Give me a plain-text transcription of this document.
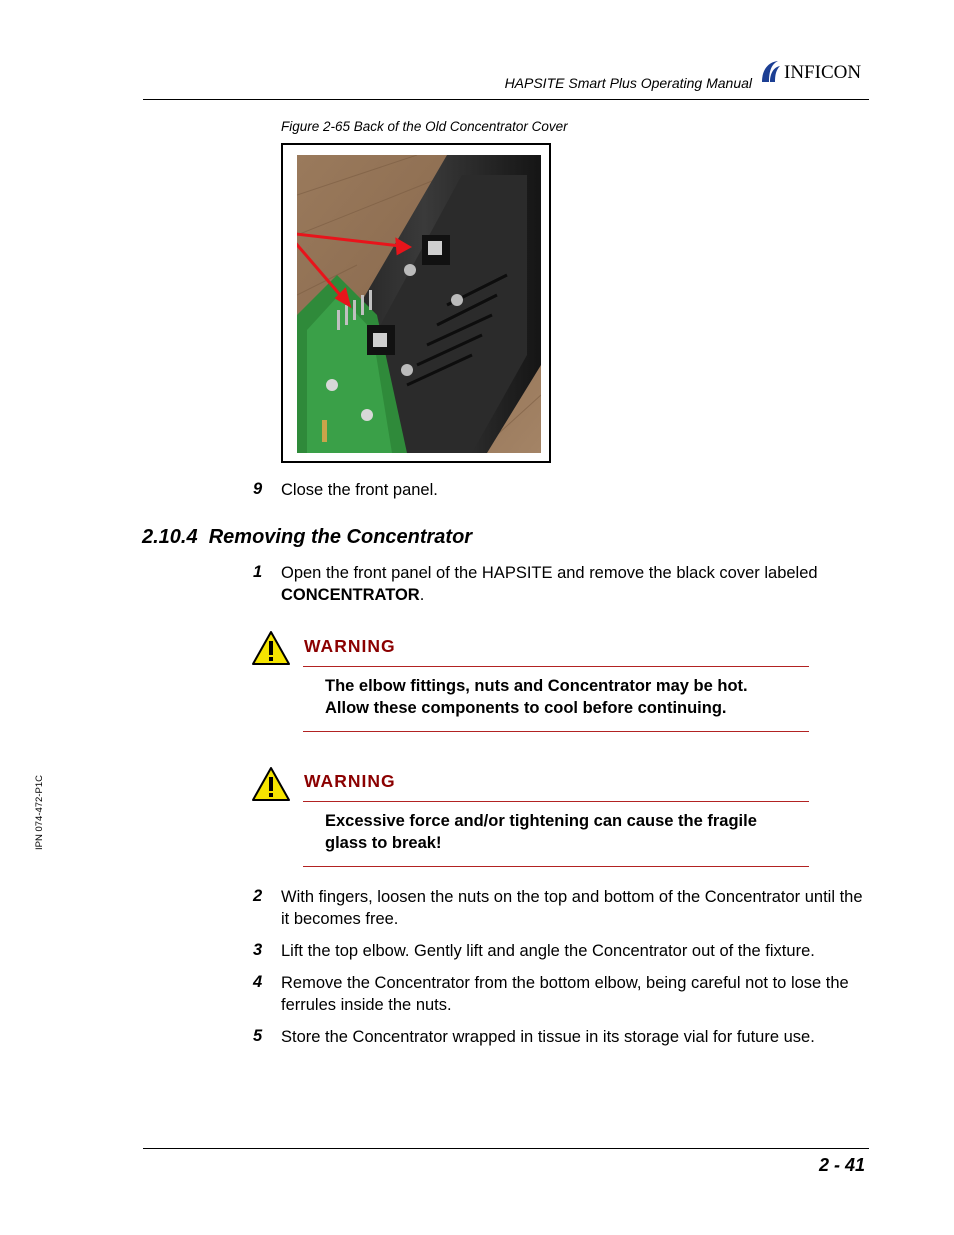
HAPSITE Smart Plus Operating Manual INFICON
Figure 2-65 Back of the Old Concentrator Cover
9 Close the front panel.
2.10.4 Removing the Concentrator
1 Open the front panel of the HAPSITE and remove the black cover labeled
CONCENTRATOR.
WARNING
The elbow fittings, nuts and Concentrator may be hot.
Allow these components to cool before continuing.
WARNING
Excessive force and/or tightening can cause the fragile
glass to break!
2 With fingers, loosen the nuts on the top and bottom of the Concentrator until the
it becomes free.
3 Lift the top elbow. Gently lift and angle the Concentrator out of the fixture.
4 Remove the Concentrator from the bottom elbow, being careful not to lose the
ferrules inside the nuts.
5 Store the Concentrator wrapped in tissue in its storage vial for future use.
IPN 074-472-P1C
2 - 41
